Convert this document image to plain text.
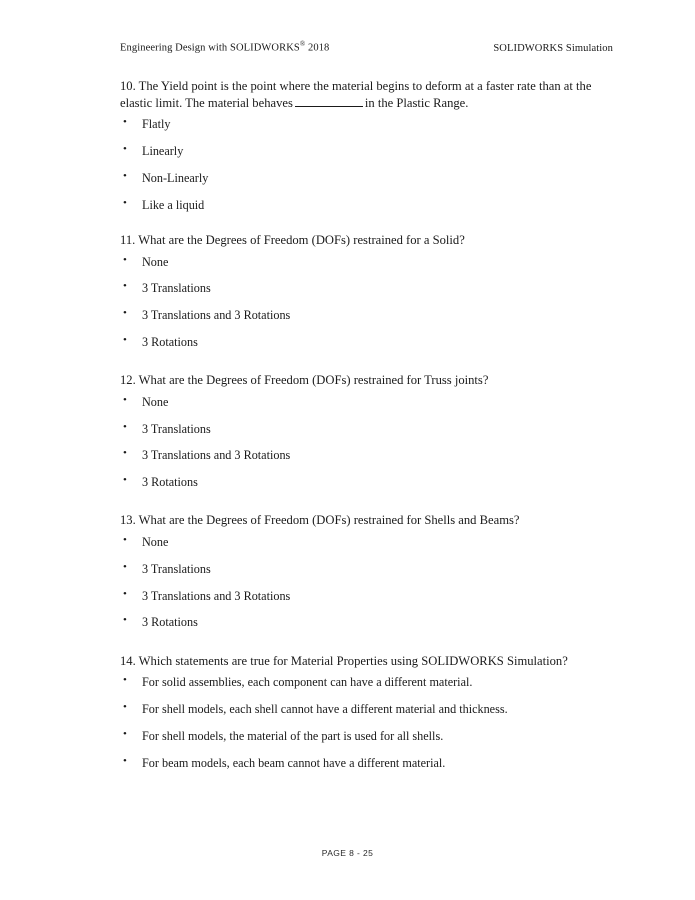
Engineering Design with SOLIDWORKS® 2018	SOLIDWORKS Simulation

10. The Yield point is the point where the material begins to deform at a faster rate than at the elastic limit. The material behaves	in the Plastic Range.

• Flatly
• Linearly
• Non-Linearly
• Like a liquid

11. What are the Degrees of Freedom (DOFs) restrained for a Solid?

• None
• 3 Translations
• 3 Translations and 3 Rotations
• 3 Rotations

12. What are the Degrees of Freedom (DOFs) restrained for Truss joints?

• None
• 3 Translations
• 3 Translations and 3 Rotations
• 3 Rotations

13. What are the Degrees of Freedom (DOFs) restrained for Shells and Beams?

• None
• 3 Translations
• 3 Translations and 3 Rotations
• 3 Rotations

14. Which statements are true for Material Properties using SOLIDWORKS Simulation?

• For solid assemblies, each component can have a different material.
• For shell models, each shell cannot have a different material and thickness.
• For shell models, the material of the part is used for all shells.
• For beam models, each beam cannot have a different material.
PAGE 8 - 25
